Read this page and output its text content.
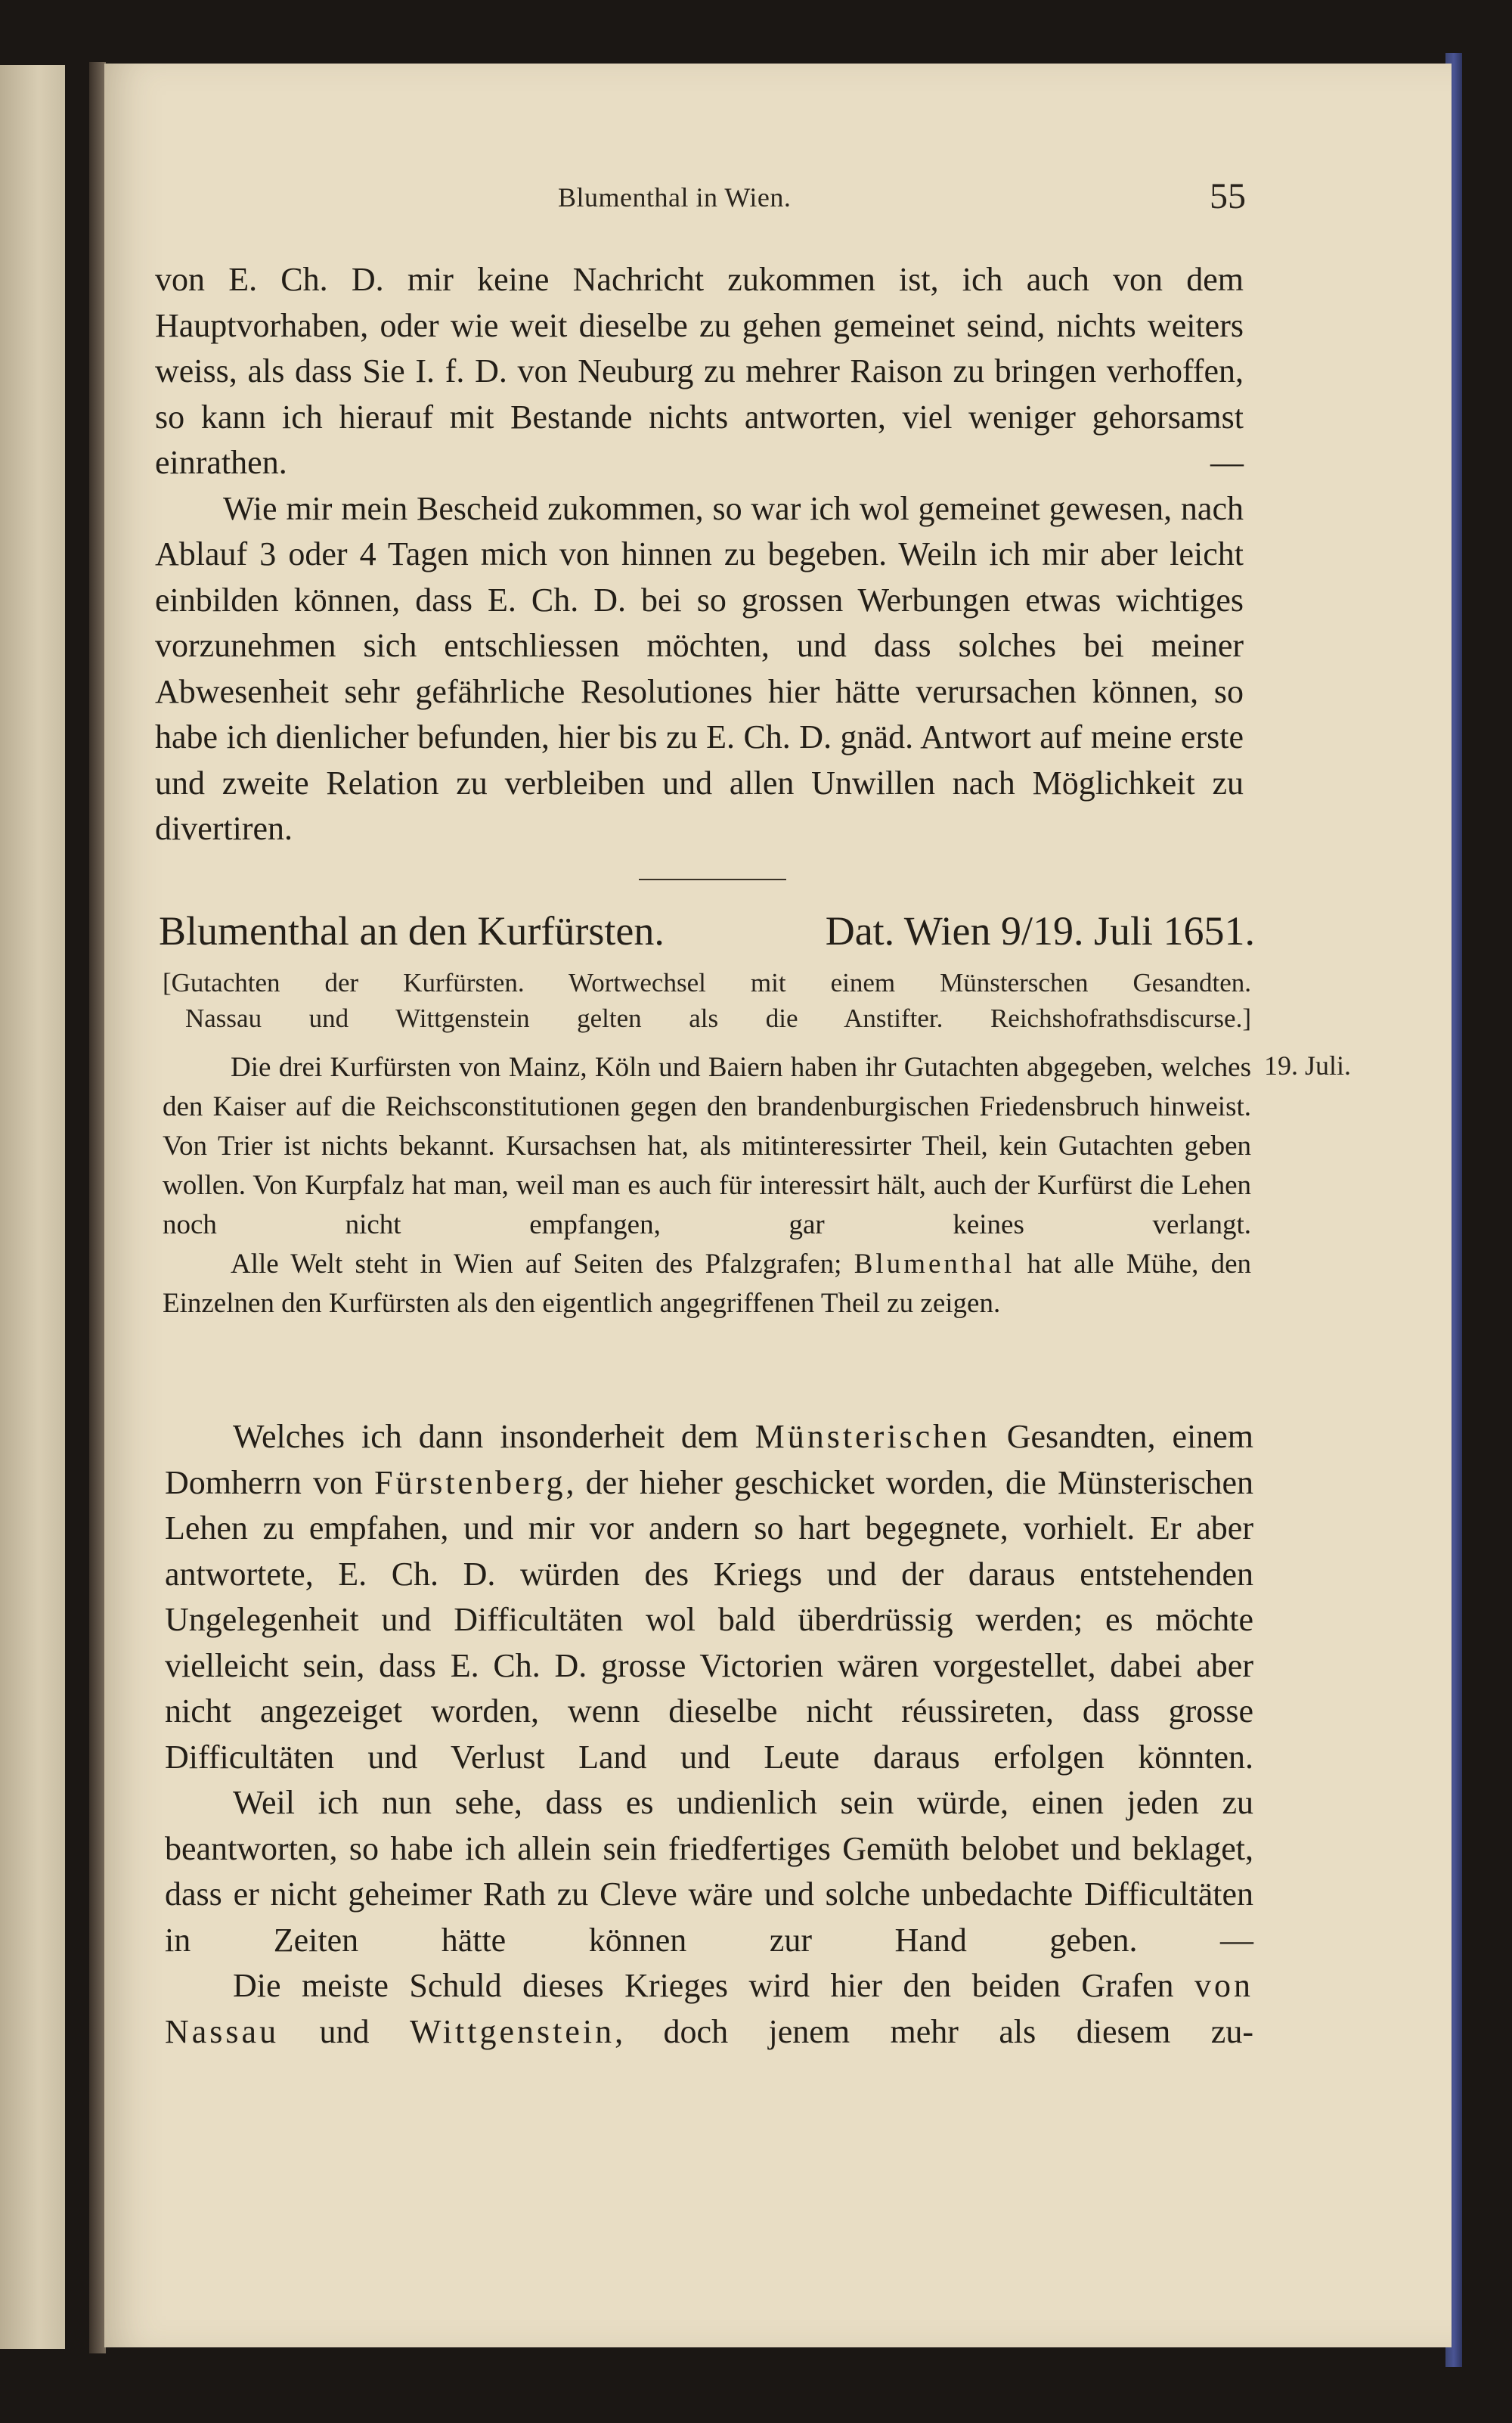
Blumenthal in Wien.	55

von E. Ch. D. mir keine Nachricht zukommen ist, ich auch von dem Hauptvorhaben, oder wie weit dieselbe zu gehen gemeinet seind, nichts weiters weiss, als dass Sie I. f. D. von Neuburg zu mehrer Raison zu bringen verhoffen, so kann ich hierauf mit Bestande nichts antworten, viel weniger gehorsamst einrathen. —

Wie mir mein Bescheid zukommen, so war ich wol gemeinet gewesen, nach Ablauf 3 oder 4 Tagen mich von hinnen zu begeben. Weiln ich mir aber leicht einbilden können, dass E. Ch. D. bei so grossen Werbungen etwas wichtiges vorzunehmen sich entschliessen möchten, und dass solches bei meiner Abwesenheit sehr gefährliche Resolutiones hier hätte verursachen können, so habe ich dienlicher befunden, hier bis zu E. Ch. D. gnäd. Antwort auf meine erste und zweite Relation zu verbleiben und allen Unwillen nach Möglichkeit zu divertiren.

Blumenthal an den Kurfürsten.	Dat. Wien 9/19. Juli 1651.
[Gutachten der Kurfürsten. Wortwechsel mit einem Münsterschen Gesandten.
Nassau und Wittgenstein gelten als die Anstifter. Reichshofrathsdiscurse.]
19. Juli.

Die drei Kurfürsten von Mainz, Köln und Baiern haben ihr Gutachten abgegeben, welches den Kaiser auf die Reichsconstitutionen gegen den brandenburgischen Friedensbruch hinweist. Von Trier ist nichts bekannt. Kursachsen hat, als mitinteressirter Theil, kein Gutachten geben wollen. Von Kurpfalz hat man, weil man es auch für interessirt hält, auch der Kurfürst die Lehen noch nicht empfangen, gar keines verlangt.

Alle Welt steht in Wien auf Seiten des Pfalzgrafen; Blumenthal hat alle Mühe, den Einzelnen den Kurfürsten als den eigentlich angegriffenen Theil zu zeigen.

Welches ich dann insonderheit dem Münsterischen Gesandten, einem Domherrn von Fürstenberg, der hieher geschicket worden, die Münsterischen Lehen zu empfahen, und mir vor andern so hart begegnete, vorhielt. Er aber antwortete, E. Ch. D. würden des Kriegs und der daraus entstehenden Ungelegenheit und Difficultäten wol bald überdrüssig werden; es möchte vielleicht sein, dass E. Ch. D. grosse Victorien wären vorgestellet, dabei aber nicht angezeiget worden, wenn dieselbe nicht réussireten, dass grosse Difficultäten und Verlust Land und Leute daraus erfolgen könnten.

Weil ich nun sehe, dass es undienlich sein würde, einen jeden zu beantworten, so habe ich allein sein friedfertiges Gemüth belobet und beklaget, dass er nicht geheimer Rath zu Cleve wäre und solche unbedachte Difficultäten in Zeiten hätte können zur Hand geben. —

Die meiste Schuld dieses Krieges wird hier den beiden Grafen von Nassau und Wittgenstein, doch jenem mehr als diesem zu-
